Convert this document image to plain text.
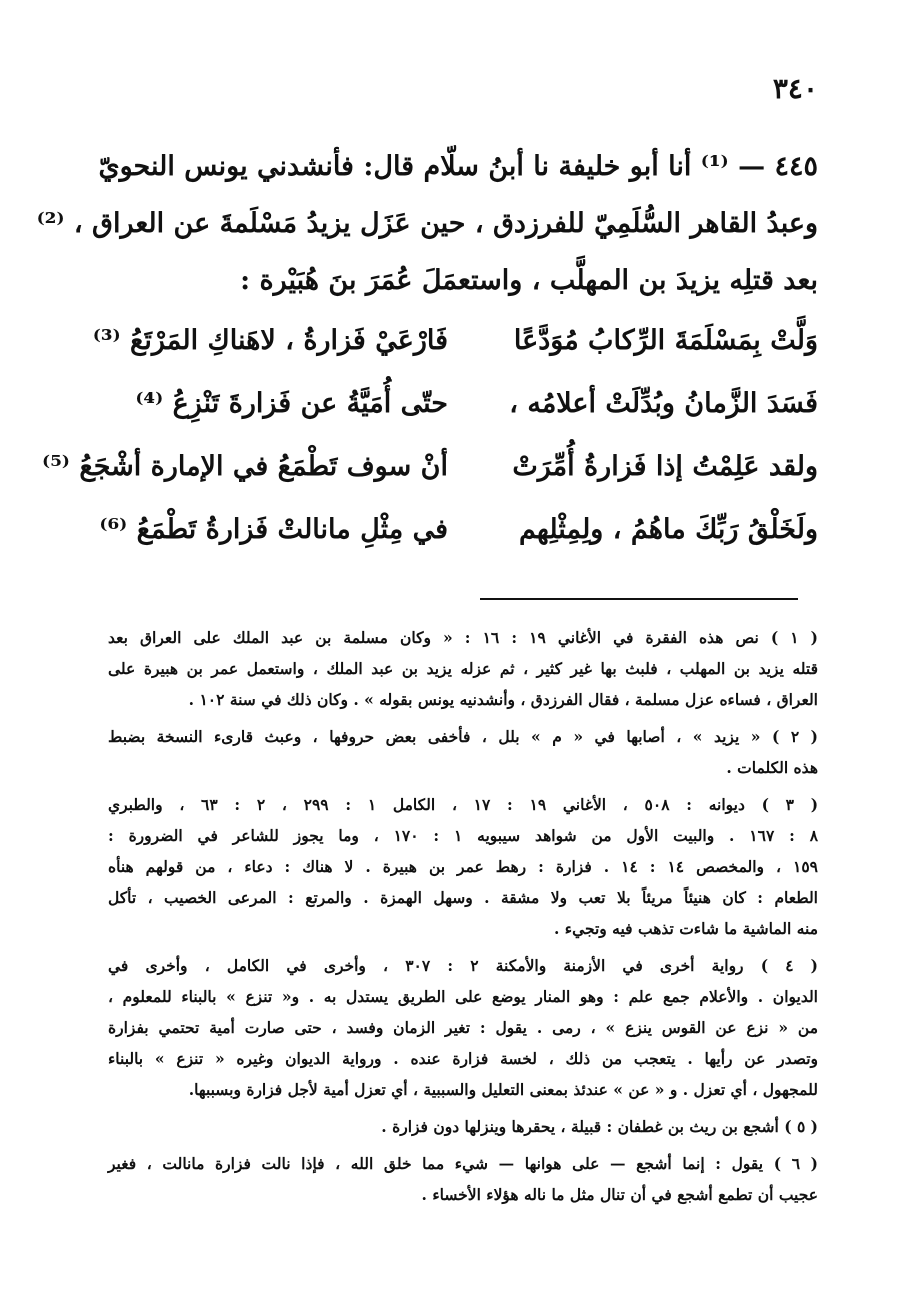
٣٤٠
٤٤٥ — ⁽¹⁾ أنا أبو خليفة نا أبنُ سلّام قال: فأنشدني يونس النحويّ
وعبدُ القاهر السُّلَمِيّ للفرزدق ، حين عَزَل يزيدُ مَسْلَمةَ عن العراق ، ⁽²⁾
بعد قتلِه يزيدَ بن المهلَّب ، واستعمَلَ عُمَرَ بنَ هُبَيْرة :
وَلَّتْ بِمَسْلَمَةَ الرِّكابُ مُوَدَّعًا
فَارْعَيْ فَزارةُ ، لاهَناكِ المَرْتَعُ ⁽³⁾
فَسَدَ الزَّمانُ وبُدِّلَتْ أعلامُه ،
حتّى أُمَيَّةُ عن فَزارةَ تَنْزِعُ ⁽⁴⁾
ولقد عَلِمْتُ إذا فَزارةُ أُمِّرَتْ
أنْ سوف تَطْمَعُ في الإمارة أشْجَعُ ⁽⁵⁾
ولَخَلْقُ رَبِّكَ ماهُمُ ، ولِمِثْلِهم
في مِثْلِ مانالتْ فَزارةُ تَطْمَعُ ⁽⁶⁾
( ١ ) نص هذه الفقرة في الأغاني ١٩ : ١٦ : « وكان مسلمة بن عبد الملك على العراق بعد
قتله يزيد بن المهلب ، فلبث بها غير كثير ، ثم عزله يزيد بن عبد الملك ، واستعمل عمر بن هبيرة على
العراق ، فساءه عزل مسلمة ، فقال الفرزدق ، وأنشدنيه يونس بقوله » . وكان ذلك في سنة ١٠٢ .
( ٢ ) « يزيد » ، أصابها في « م » بلل ، فأخفى بعض حروفها ، وعبث قارىء النسخة بضبط
هذه الكلمات .
( ٣ ) ديوانه : ٥٠٨ ، الأغاني ١٩ : ١٧ ، الكامل ١ : ٢٩٩ ، ٢ : ٦٣ ، والطبري
٨ : ١٦٧ . والبيت الأول من شواهد سيبويه ١ : ١٧٠ ، وما يجوز للشاعر في الضرورة :
١٥٩ ، والمخصص ١٤ : ١٤ . فزارة : رهط عمر بن هبيرة . لا هناك : دعاء ، من قولهم هنأه
الطعام : كان هنيئاً مريئاً بلا تعب ولا مشقة . وسهل الهمزة . والمرتع : المرعى الخصيب ، تأكل
منه الماشية ما شاءت تذهب فيه وتجيء .
( ٤ ) رواية أخرى في الأزمنة والأمكنة ٢ : ٣٠٧ ، وأخرى في الكامل ، وأخرى في
الديوان . والأعلام جمع علم : وهو المنار يوضع على الطريق يستدل به . و« تنزع » بالبناء للمعلوم ،
من « نزع عن القوس ينزع » ، رمى . يقول : تغير الزمان وفسد ، حتى صارت أمية تحتمي بفزارة
وتصدر عن رأيها . يتعجب من ذلك ، لخسة فزارة عنده . ورواية الديوان وغيره « تنزع » بالبناء
للمجهول ، أي تعزل . و « عن » عندئذ بمعنى التعليل والسببية ، أي تعزل أمية لأجل فزارة وبسببها.
( ٥ ) أشجع بن ريث بن غطفان : قبيلة ، يحقرها وينزلها دون فزارة .
( ٦ ) يقول : إنما أشجع — على هوانها — شيء مما خلق الله ، فإذا نالت فزارة مانالت ، فغير
عجيب أن تطمع أشجع في أن تنال مثل ما ناله هؤلاء الأخساء .
